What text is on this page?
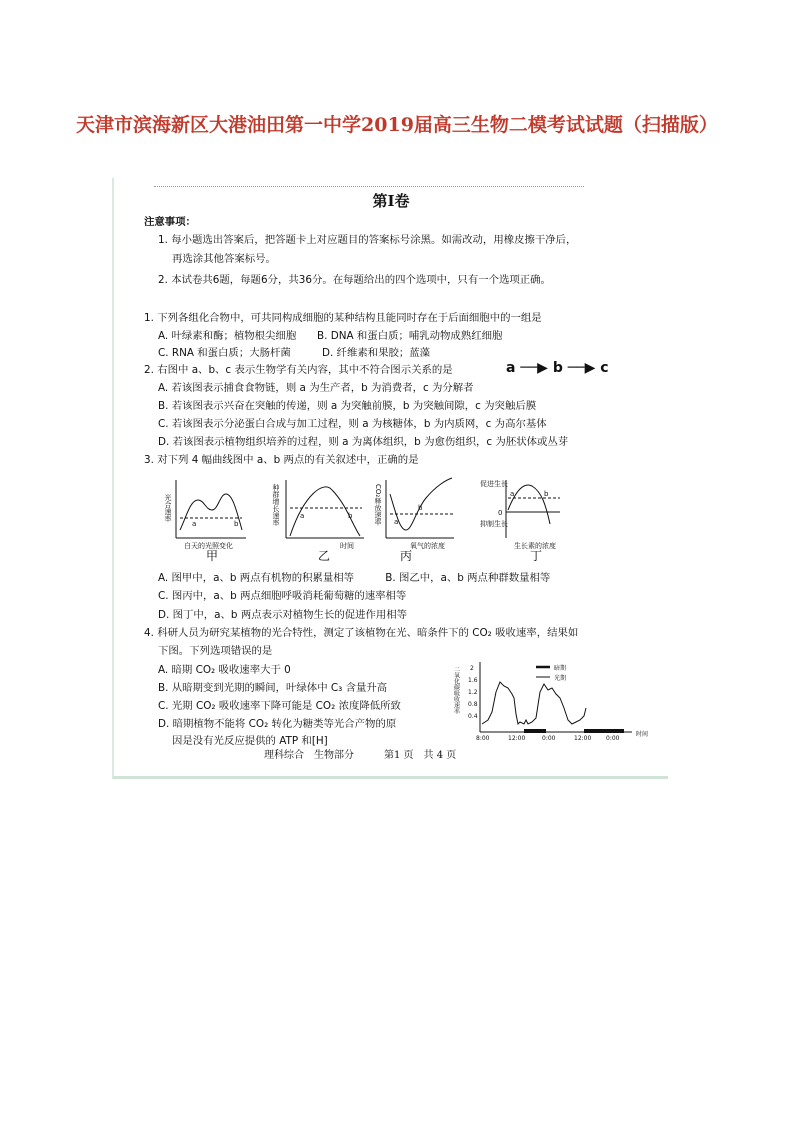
天津市滨海新区大港油田第一中学2019届高三生物二模考试试题（扫描版）
第Ⅰ卷
注意事项：
1. 每小题选出答案后，把答题卡上对应题目的答案标号涂黑。如需改动，用橡皮擦干净后，
再选涂其他答案标号。
2. 本试卷共6题，每题6分，共36分。在每题给出的四个选项中，只有一个选项正确。
1. 下列各组化合物中，可共同构成细胞的某种结构且能同时存在于后面细胞中的一组是
A. 叶绿素和酶；植物根尖细胞　　B. DNA 和蛋白质；哺乳动物成熟红细胞
C. RNA 和蛋白质；大肠杆菌　　　D. 纤维素和果胶；蓝藻
2. 右图中 a、b、c 表示生物学有关内容，其中不符合图示关系的是	a ──▶ b ──▶ c
A. 若该图表示捕食食物链，则 a 为生产者，b 为消费者，c 为分解者
B. 若该图表示兴奋在突触的传递，则 a 为突触前膜，b 为突触间隙，c 为突触后膜
C. 若该图表示分泌蛋白合成与加工过程，则 a 为核糖体，b 为内质网，c 为高尔基体
D. 若该图表示植物组织培养的过程，则 a 为离体组织，b 为愈伤组织，c 为胚状体或丛芽
3. 对下列 4 幅曲线图中 a、b 两点的有关叙述中，正确的是
光合速率
白天的光照变化
a	b	种群增长速率
时间
a	b	CO₂释放速率
氧气的浓度
a
b
促进生长
0
抑制生长
生长素的浓度
a	b
甲	乙	丙	丁
A. 图甲中，a、b 两点有机物的积累量相等　　　B. 图乙中，a、b 两点种群数量相等
C. 图丙中，a、b 两点细胞呼吸消耗葡萄糖的速率相等
D. 图丁中，a、b 两点表示对植物生长的促进作用相等
4. 科研人员为研究某植物的光合特性，测定了该植物在光、暗条件下的 CO₂ 吸收速率，结果如
下图。下列选项错误的是
A. 暗期 CO₂ 吸收速率大于 0
B. 从暗期变到光期的瞬间，叶绿体中 C₃ 含量升高
C. 光期 CO₂ 吸收速率下降可能是 CO₂ 浓度降低所致
D. 暗期植物不能将 CO₂ 转化为糖类等光合产物的原
因是没有光反应提供的 ATP 和[H]
二氧化碳吸收速率 2
1.6
1.2
0.8
0.4
8:00	12:00	0:00	12:00 0:00
时间
暗期
光期
理科综合　生物部分　　　第1 页　共 4 页
